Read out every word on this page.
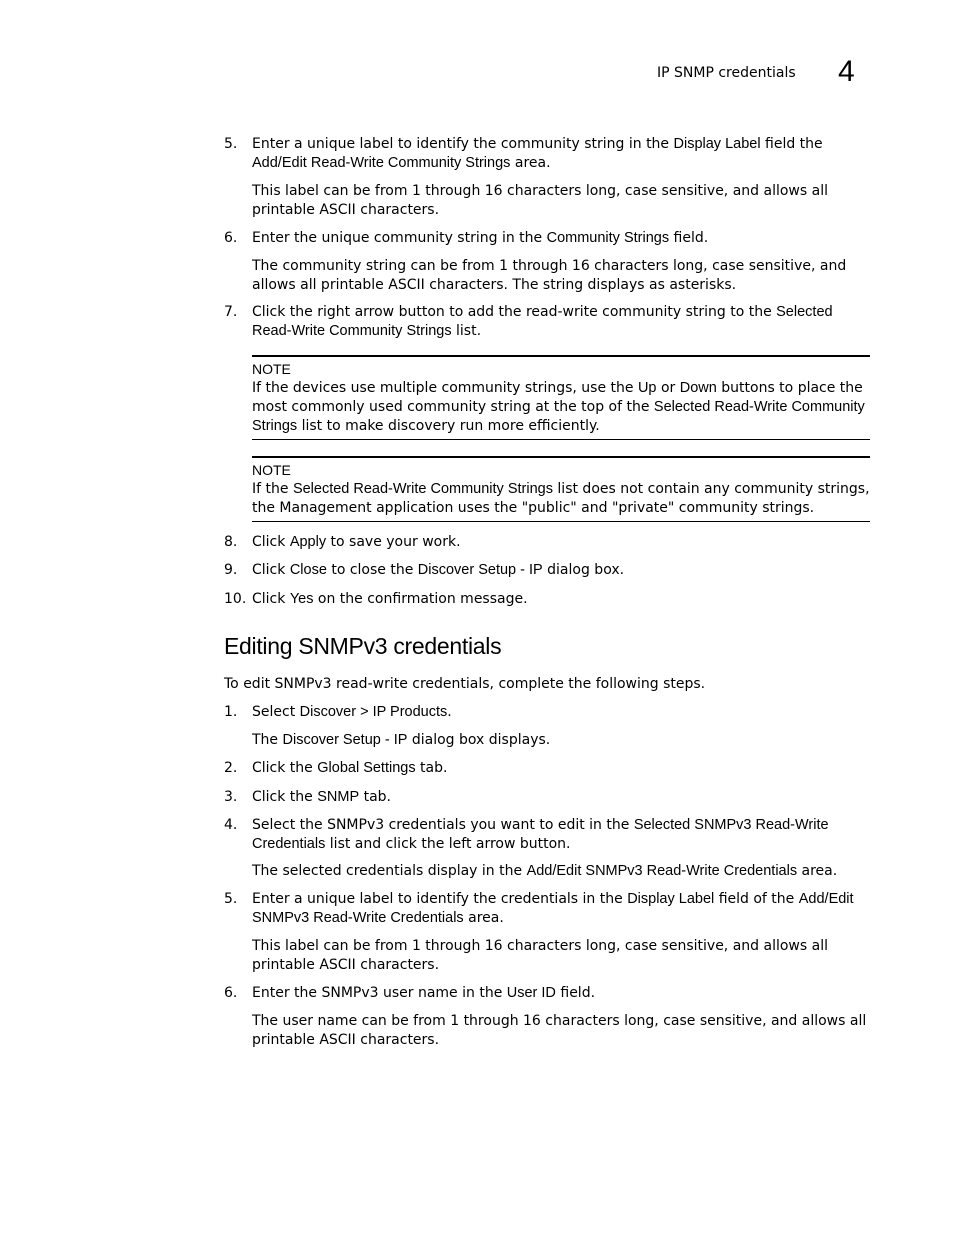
IP SNMP credentials 4
5.	Enter a unique label to identify the community string in the Display Label field the Add/Edit Read-Write Community Strings area.
This label can be from 1 through 16 characters long, case sensitive, and allows all printable ASCII characters.
6.	Enter the unique community string in the Community Strings field.
The community string can be from 1 through 16 characters long, case sensitive, and allows all printable ASCII characters. The string displays as asterisks.
7.	Click the right arrow button to add the read-write community string to the Selected Read-Write Community Strings list.
NOTE
If the devices use multiple community strings, use the Up or Down buttons to place the most commonly used community string at the top of the Selected Read-Write Community Strings list to make discovery run more efficiently.
NOTE
If the Selected Read-Write Community Strings list does not contain any community strings, the Management application uses the "public" and "private" community strings.
8.	Click Apply to save your work.
9.	Click Close to close the Discover Setup - IP dialog box.
10. Click Yes on the confirmation message.
Editing SNMPv3 credentials
To edit SNMPv3 read-write credentials, complete the following steps.
1.	Select Discover > IP Products.
The Discover Setup - IP dialog box displays.
2.	Click the Global Settings tab.
3.	Click the SNMP tab.
4.	Select the SNMPv3 credentials you want to edit in the Selected SNMPv3 Read-Write Credentials list and click the left arrow button.
The selected credentials display in the Add/Edit SNMPv3 Read-Write Credentials area.
5.	Enter a unique label to identify the credentials in the Display Label field of the Add/Edit SNMPv3 Read-Write Credentials area.
This label can be from 1 through 16 characters long, case sensitive, and allows all printable ASCII characters.
6.	Enter the SNMPv3 user name in the User ID field.
The user name can be from 1 through 16 characters long, case sensitive, and allows all printable ASCII characters.
